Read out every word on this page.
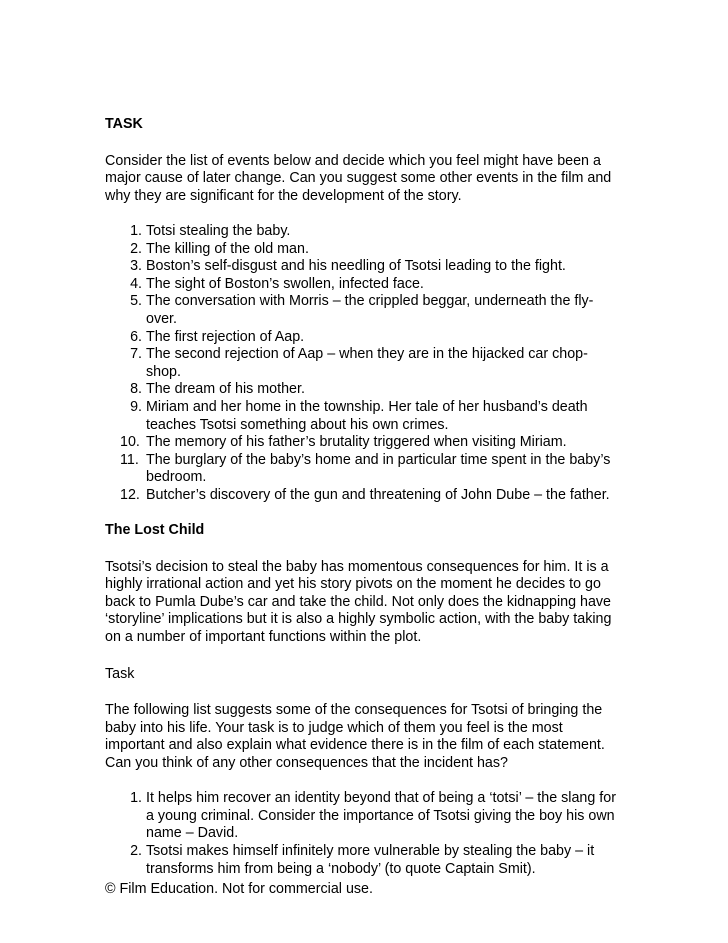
TASK

Consider the list of events below and decide which you feel might have been a
major cause of later change. Can you suggest some other events in the film and
why they are significant for the development of the story.

1. Totsi stealing the baby.
2. The killing of the old man.
3. Boston’s self-disgust and his needling of Tsotsi leading to the fight.
4. The sight of Boston’s swollen, infected face.
5. The conversation with Morris – the crippled beggar, underneath the fly-
over.
6. The first rejection of Aap.
7. The second rejection of Aap – when they are in the hijacked car chop-
shop.
8. The dream of his mother.
9. Miriam and her home in the township. Her tale of her husband’s death
teaches Tsotsi something about his own crimes.
10. The memory of his father’s brutality triggered when visiting Miriam.
11. The burglary of the baby’s home and in particular time spent in the baby’s
bedroom.
12. Butcher’s discovery of the gun and threatening of John Dube – the father.

The Lost Child

Tsotsi’s decision to steal the baby has momentous consequences for him. It is a
highly irrational action and yet his story pivots on the moment he decides to go
back to Pumla Dube’s car and take the child. Not only does the kidnapping have
‘storyline’ implications but it is also a highly symbolic action, with the baby taking
on a number of important functions within the plot.

Task

The following list suggests some of the consequences for Tsotsi of bringing the
baby into his life. Your task is to judge which of them you feel is the most
important and also explain what evidence there is in the film of each statement.
Can you think of any other consequences that the incident has?

1. It helps him recover an identity beyond that of being a ‘totsi’ – the slang for
a young criminal. Consider the importance of Tsotsi giving the boy his own
name – David.
2. Tsotsi makes himself infinitely more vulnerable by stealing the baby – it
transforms him from being a ‘nobody’ (to quote Captain Smit).
© Film Education. Not for commercial use.
